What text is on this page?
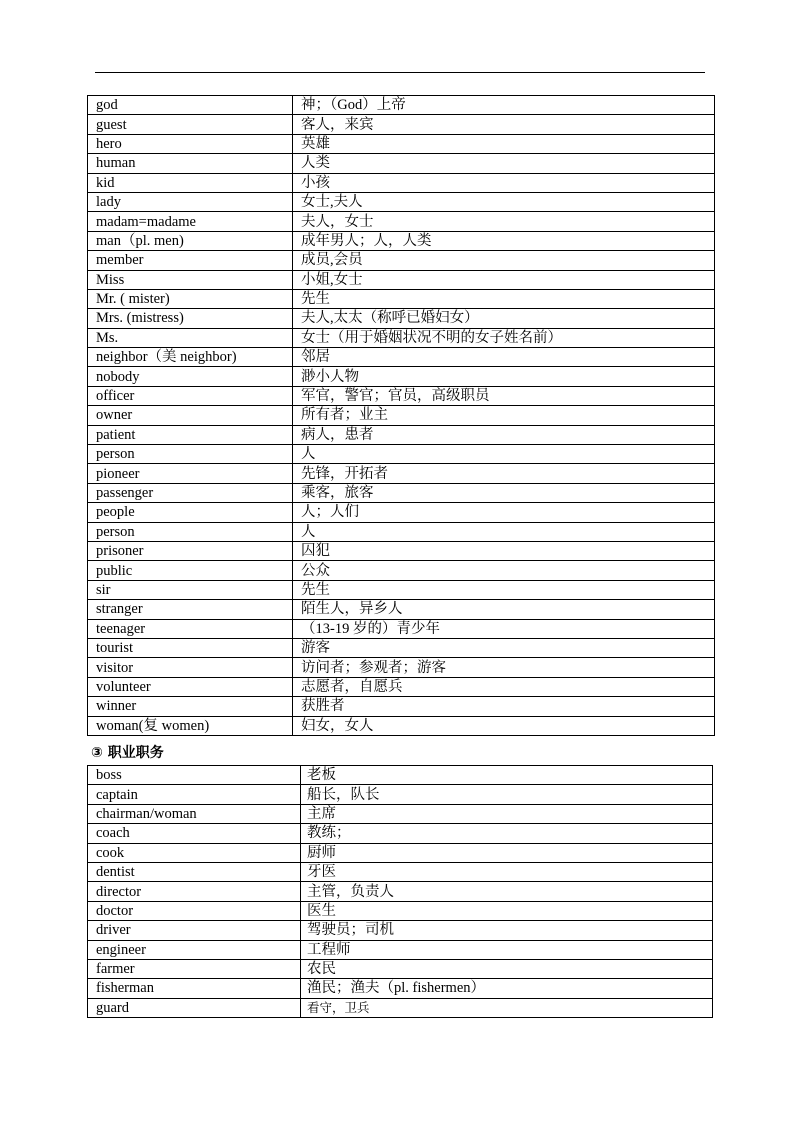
god	神；（God）上帝
guest	客人，来宾
hero	英雄
human	人类
kid	小孩
lady	女士,夫人
madam=madame	夫人，女士
man（pl. men)	成年男人；人，人类
member	成员,会员
Miss	小姐,女士
Mr. ( mister)	先生
Mrs. (mistress)	夫人,太太（称呼已婚妇女）
Ms.	女士（用于婚姻状况不明的女子姓名前）
neighbor（美 neighbor)	邻居
nobody	渺小人物
officer	军官，警官；官员，高级职员
owner	所有者；业主
patient	病人，患者
person	人
pioneer	先锋，开拓者
passenger	乘客，旅客
people	人；人们
person	人
prisoner	囚犯
public	公众
sir	先生
stranger	陌生人，异乡人
teenager	（13-19 岁的）青少年
tourist	游客
visitor	访问者；参观者；游客
volunteer	志愿者，自愿兵
winner	获胜者
woman(复 women)	妇女，女人
③ 职业职务
boss	老板
captain	船长，队长
chairman/woman	主席
coach	教练；
cook	厨师
dentist	牙医
director	主管，负责人
doctor	医生
driver	驾驶员；司机
engineer	工程师
farmer	农民
fisherman	渔民；渔夫（pl. fishermen）
guard	看守，卫兵
